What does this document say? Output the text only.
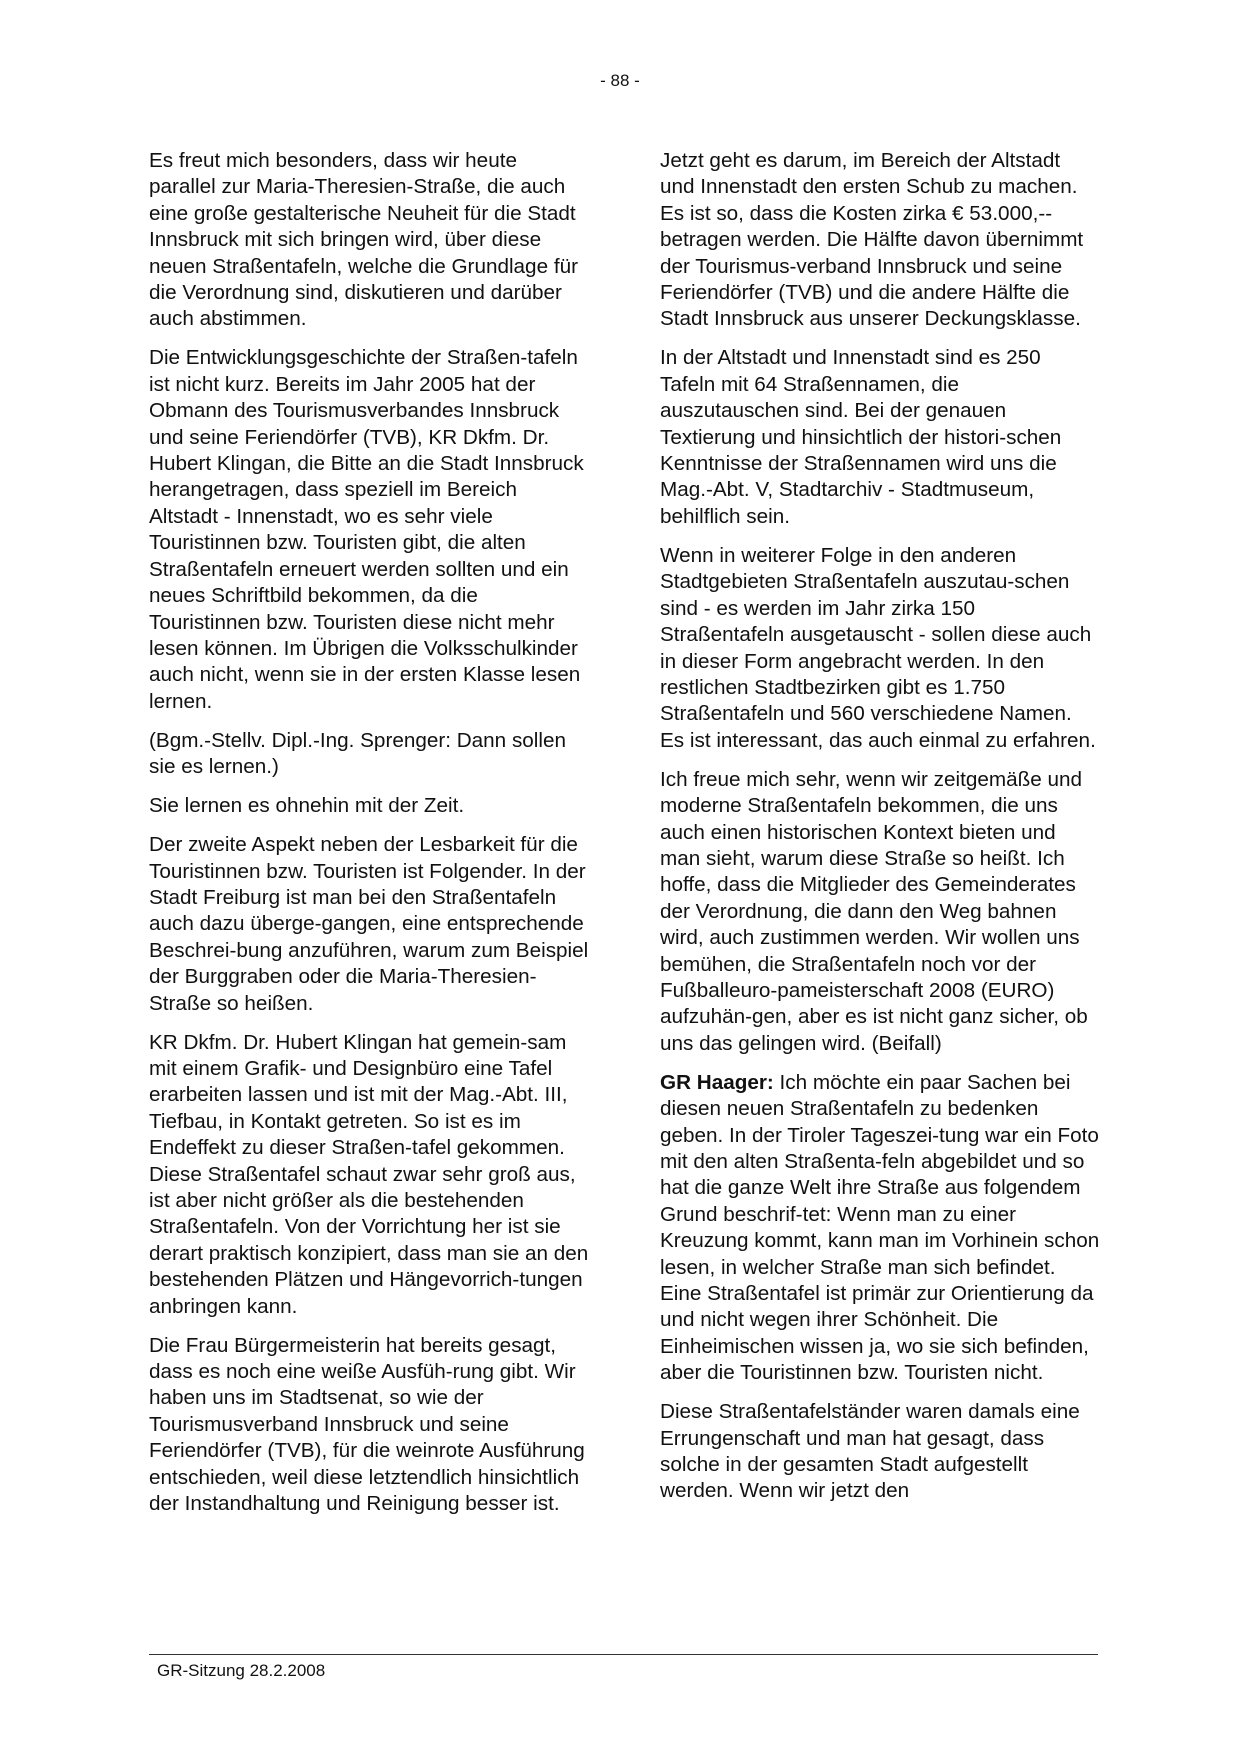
- 88 -

Es freut mich besonders, dass wir heute parallel zur Maria-Theresien-Straße, die auch eine große gestalterische Neuheit für die Stadt Innsbruck mit sich bringen wird, über diese neuen Straßentafeln, welche die Grundlage für die Verordnung sind, diskutieren und darüber auch abstimmen.

Die Entwicklungsgeschichte der Straßen-tafeln ist nicht kurz. Bereits im Jahr 2005 hat der Obmann des Tourismusverbandes Innsbruck und seine Feriendörfer (TVB), KR Dkfm. Dr. Hubert Klingan, die Bitte an die Stadt Innsbruck herangetragen, dass speziell im Bereich Altstadt - Innenstadt, wo es sehr viele Touristinnen bzw. Touristen gibt, die alten Straßentafeln erneuert werden sollten und ein neues Schriftbild bekommen, da die Touristinnen bzw. Touristen diese nicht mehr lesen können. Im Übrigen die Volksschulkinder auch nicht, wenn sie in der ersten Klasse lesen lernen.

(Bgm.-Stellv. Dipl.-Ing. Sprenger: Dann sollen sie es lernen.)

Sie lernen es ohnehin mit der Zeit.

Der zweite Aspekt neben der Lesbarkeit für die Touristinnen bzw. Touristen ist Folgender. In der Stadt Freiburg ist man bei den Straßentafeln auch dazu überge-gangen, eine entsprechende Beschrei-bung anzuführen, warum zum Beispiel der Burggraben oder die Maria-Theresien-Straße so heißen.

KR Dkfm. Dr. Hubert Klingan hat gemein-sam mit einem Grafik- und Designbüro eine Tafel erarbeiten lassen und ist mit der Mag.-Abt. III, Tiefbau, in Kontakt getreten. So ist es im Endeffekt zu dieser Straßen-tafel gekommen. Diese Straßentafel schaut zwar sehr groß aus, ist aber nicht größer als die bestehenden Straßentafeln. Von der Vorrichtung her ist sie derart praktisch konzipiert, dass man sie an den bestehenden Plätzen und Hängevorrich-tungen anbringen kann.

Die Frau Bürgermeisterin hat bereits gesagt, dass es noch eine weiße Ausfüh-rung gibt. Wir haben uns im Stadtsenat, so wie der Tourismusverband Innsbruck und seine Feriendörfer (TVB), für die weinrote Ausführung entschieden, weil diese letztendlich hinsichtlich der Instandhaltung und Reinigung besser ist.

Jetzt geht es darum, im Bereich der Altstadt und Innenstadt den ersten Schub zu machen. Es ist so, dass die Kosten zirka € 53.000,-- betragen werden. Die Hälfte davon übernimmt der Tourismus-verband Innsbruck und seine Feriendörfer (TVB) und die andere Hälfte die Stadt Innsbruck aus unserer Deckungsklasse.

In der Altstadt und Innenstadt sind es 250 Tafeln mit 64 Straßennamen, die auszutauschen sind. Bei der genauen Textierung und hinsichtlich der histori-schen Kenntnisse der Straßennamen wird uns die Mag.-Abt. V, Stadtarchiv - Stadtmuseum, behilflich sein.

Wenn in weiterer Folge in den anderen Stadtgebieten Straßentafeln auszutau-schen sind - es werden im Jahr zirka 150 Straßentafeln ausgetauscht - sollen diese auch in dieser Form angebracht werden. In den restlichen Stadtbezirken gibt es 1.750 Straßentafeln und 560 verschiedene Namen. Es ist interessant, das auch einmal zu erfahren.

Ich freue mich sehr, wenn wir zeitgemäße und moderne Straßentafeln bekommen, die uns auch einen historischen Kontext bieten und man sieht, warum diese Straße so heißt. Ich hoffe, dass die Mitglieder des Gemeinderates der Verordnung, die dann den Weg bahnen wird, auch zustimmen werden. Wir wollen uns bemühen, die Straßentafeln noch vor der Fußballeuro-pameisterschaft 2008 (EURO) aufzuhän-gen, aber es ist nicht ganz sicher, ob uns das gelingen wird. (Beifall)

GR Haager: Ich möchte ein paar Sachen bei diesen neuen Straßentafeln zu bedenken geben. In der Tiroler Tageszei-tung war ein Foto mit den alten Straßenta-feln abgebildet und so hat die ganze Welt ihre Straße aus folgendem Grund beschrif-tet: Wenn man zu einer Kreuzung kommt, kann man im Vorhinein schon lesen, in welcher Straße man sich befindet. Eine Straßentafel ist primär zur Orientierung da und nicht wegen ihrer Schönheit. Die Einheimischen wissen ja, wo sie sich befinden, aber die Touristinnen bzw. Touristen nicht.

Diese Straßentafelständer waren damals eine Errungenschaft und man hat gesagt, dass solche in der gesamten Stadt aufgestellt werden. Wenn wir jetzt den

GR-Sitzung 28.2.2008
